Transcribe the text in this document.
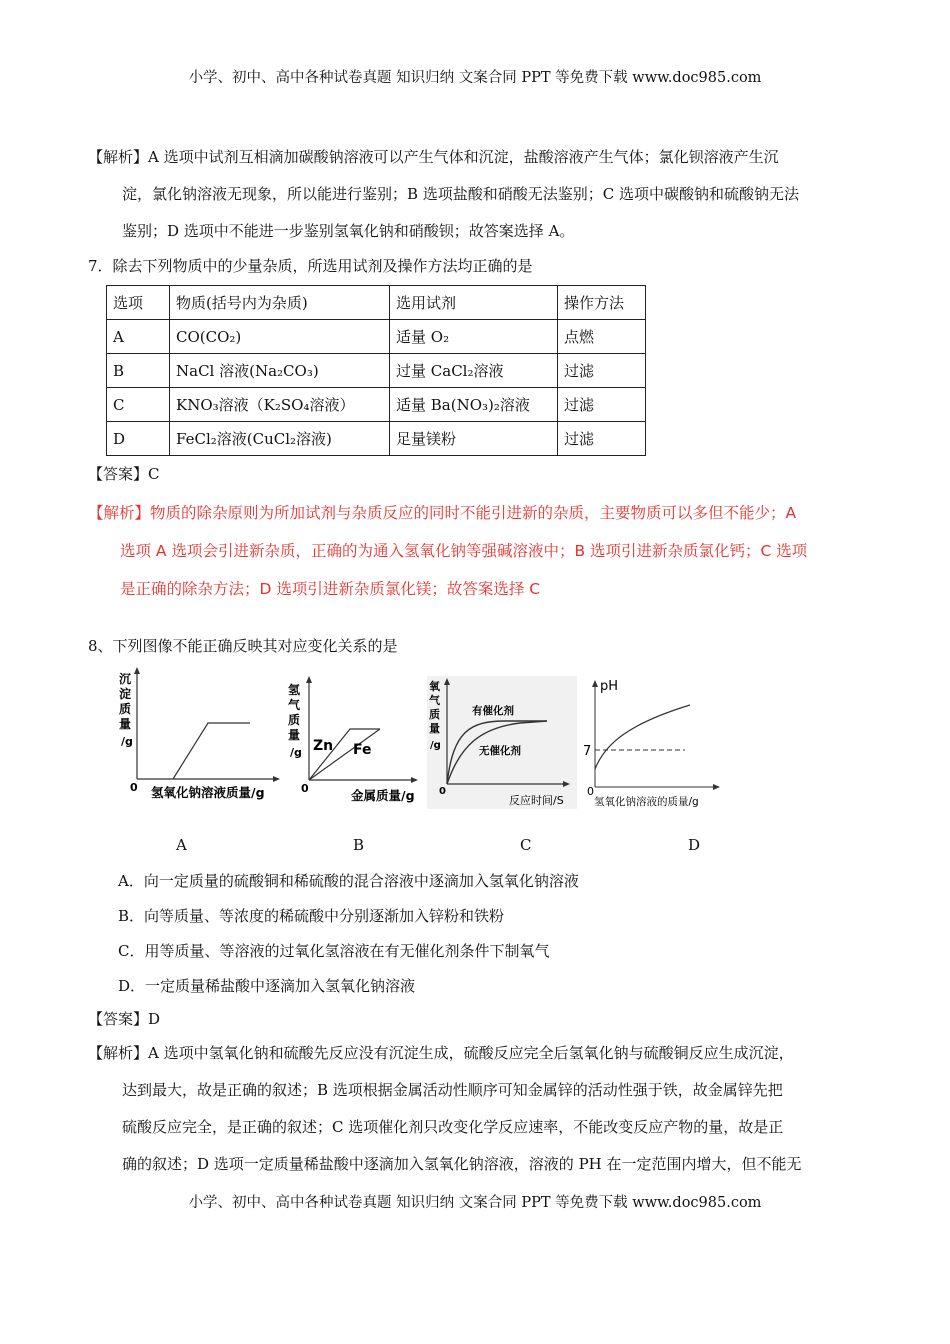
小学、初中、高中各种试卷真题 知识归纳 文案合同 PPT 等免费下载 www.doc985.com
【解析】A 选项中试剂互相滴加碳酸钠溶液可以产生气体和沉淀，盐酸溶液产生气体；氯化钡溶液产生沉
淀，氯化钠溶液无现象，所以能进行鉴别；B 选项盐酸和硝酸无法鉴别；C 选项中碳酸钠和硫酸钠无法
鉴别；D 选项中不能进一步鉴别氢氧化钠和硝酸钡；故答案选择 A。
7．除去下列物质中的少量杂质，所选用试剂及操作方法均正确的是
选项	物质(括号内为杂质)	选用试剂	操作方法
A	CO(CO₂)	适量 O₂	点燃
B	NaCl 溶液(Na₂CO₃)	过量 CaCl₂溶液	过滤
C	KNO₃溶液（K₂SO₄溶液）	适量 Ba(NO₃)₂溶液	过滤
D	FeCl₂溶液(CuCl₂溶液)	足量镁粉	过滤
【答案】C
【解析】物质的除杂原则为所加试剂与杂质反应的同时不能引进新的杂质，主要物质可以多但不能少；A
选项 A 选项会引进新杂质，正确的为通入氢氧化钠等强碱溶液中；B 选项引进新杂质氯化钙；C 选项
是正确的除杂方法；D 选项引进新杂质氯化镁；故答案选择 C
8、下列图像不能正确反映其对应变化关系的是
沉
淀
质
量
/g
0 氢氧化钠溶液质量/g
氢
气
质
量
/g Zn Fe
0	金属质量/g
氧
气
质
量
/g
有催化剂
无催化剂
0
反应时间/S
pH
7
0
氢氧化钠溶液的质量/g
A	B	C	D
A．向一定质量的硫酸铜和稀硫酸的混合溶液中逐滴加入氢氧化钠溶液
B．向等质量、等浓度的稀硫酸中分别逐渐加入锌粉和铁粉
C．用等质量、等溶液的过氧化氢溶液在有无催化剂条件下制氧气
D．一定质量稀盐酸中逐滴加入氢氧化钠溶液
【答案】D
【解析】A 选项中氢氧化钠和硫酸先反应没有沉淀生成，硫酸反应完全后氢氧化钠与硫酸铜反应生成沉淀，
达到最大，故是正确的叙述；B 选项根据金属活动性顺序可知金属锌的活动性强于铁，故金属锌先把
硫酸反应完全，是正确的叙述；C 选项催化剂只改变化学反应速率，不能改变反应产物的量，故是正
确的叙述；D 选项一定质量稀盐酸中逐滴加入氢氧化钠溶液，溶液的 PH 在一定范围内增大，但不能无
小学、初中、高中各种试卷真题 知识归纳 文案合同 PPT 等免费下载 www.doc985.com
